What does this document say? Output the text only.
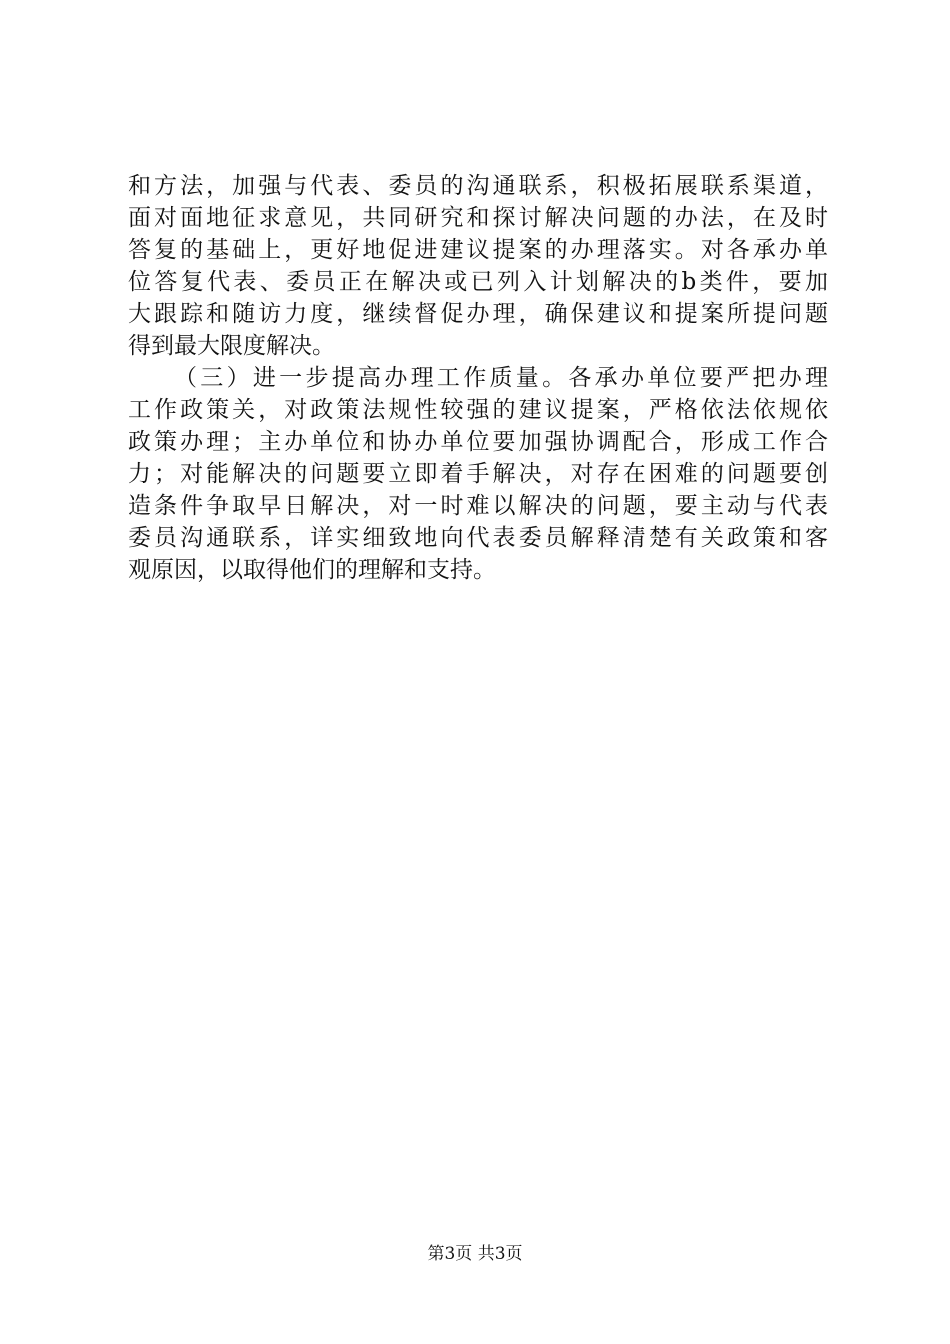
和方法，加强与代表、委员的沟通联系，积极拓展联系渠道，
面对面地征求意见，共同研究和探讨解决问题的办法，在及时
答复的基础上，更好地促进建议提案的办理落实。对各承办单
位答复代表、委员正在解决或已列入计划解决的b类件，要加
大跟踪和随访力度，继续督促办理，确保建议和提案所提问题
得到最大限度解决。
（三）进一步提高办理工作质量。各承办单位要严把办理
工作政策关，对政策法规性较强的建议提案，严格依法依规依
政策办理；主办单位和协办单位要加强协调配合，形成工作合
力；对能解决的问题要立即着手解决，对存在困难的问题要创
造条件争取早日解决，对一时难以解决的问题，要主动与代表
委员沟通联系，详实细致地向代表委员解释清楚有关政策和客
观原因，以取得他们的理解和支持。
第3页 共3页
